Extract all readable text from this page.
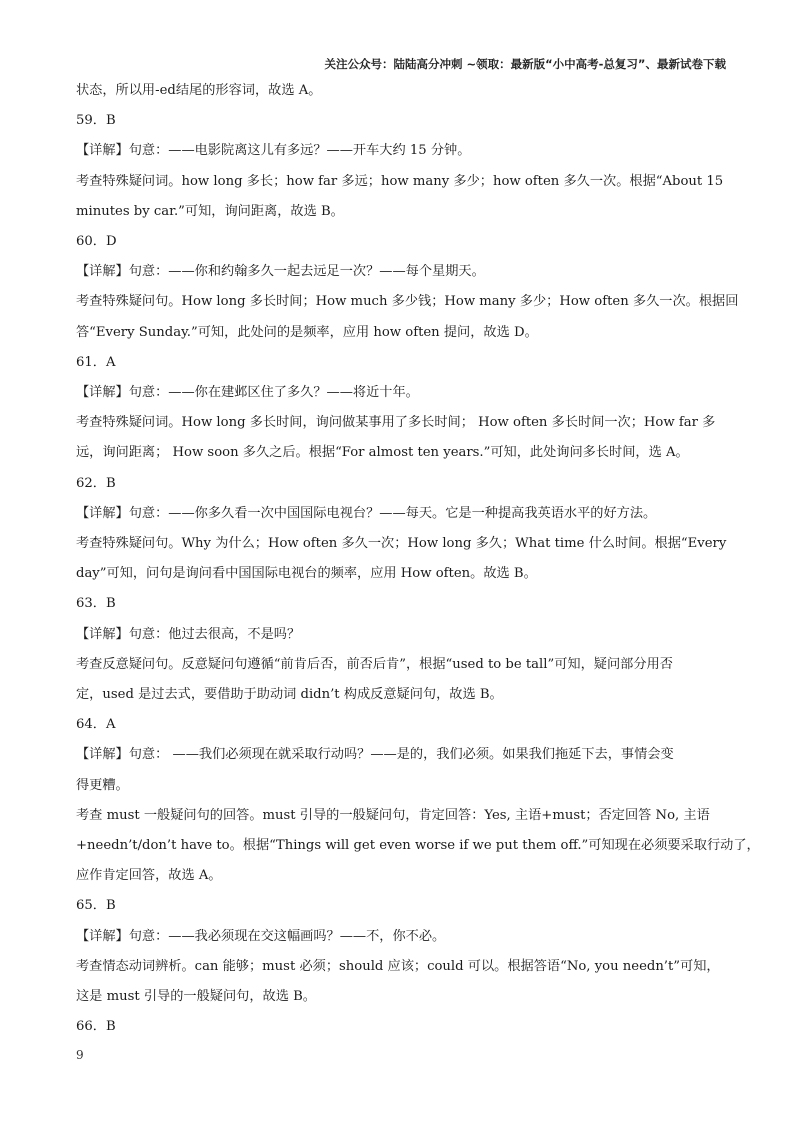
关注公众号：陆陆高分冲刺 ~领取：最新版“小中高考-总复习”、最新试卷下载
状态，所以用-ed结尾的形容词，故选 A。
59．B
【详解】句意：——电影院离这儿有多远？——开车大约 15 分钟。
考查特殊疑问词。how long 多长；how far 多远；how many 多少；how often 多久一次。根据“About 15
minutes by car.”可知，询问距离，故选 B。
60．D
【详解】句意：——你和约翰多久一起去远足一次？——每个星期天。
考查特殊疑问句。How long 多长时间；How much 多少钱；How many 多少；How often 多久一次。根据回
答“Every Sunday.”可知，此处问的是频率，应用 how often 提问，故选 D。
61．A
【详解】句意：——你在建邺区住了多久？——将近十年。
考查特殊疑问词。How long 多长时间，询问做某事用了多长时间； How often 多长时间一次；How far 多
远，询问距离； How soon 多久之后。根据“For almost ten years.”可知，此处询问多长时间，选 A。
62．B
【详解】句意：——你多久看一次中国国际电视台？——每天。它是一种提高我英语水平的好方法。
考查特殊疑问句。Why 为什么；How often 多久一次；How long 多久；What time 什么时间。根据“Every
day”可知，问句是询问看中国国际电视台的频率，应用 How often。故选 B。
63．B
【详解】句意：他过去很高，不是吗？
考查反意疑问句。反意疑问句遵循“前肯后否，前否后肯”，根据“used to be tall”可知，疑问部分用否
定，used 是过去式，要借助于助动词 didn’t 构成反意疑问句，故选 B。
64．A
【详解】句意： ——我们必须现在就采取行动吗？——是的，我们必须。如果我们拖延下去，事情会变
得更糟。
考查 must 一般疑问句的回答。must 引导的一般疑问句，肯定回答：Yes, 主语+must；否定回答 No, 主语
+needn’t/don’t have to。根据“Things will get even worse if we put them off.”可知现在必须要采取行动了，
应作肯定回答，故选 A。
65．B
【详解】句意：——我必须现在交这幅画吗？——不，你不必。
考查情态动词辨析。can 能够；must 必须；should 应该；could 可以。根据答语“No, you needn’t”可知，
这是 must 引导的一般疑问句，故选 B。
66．B
9
